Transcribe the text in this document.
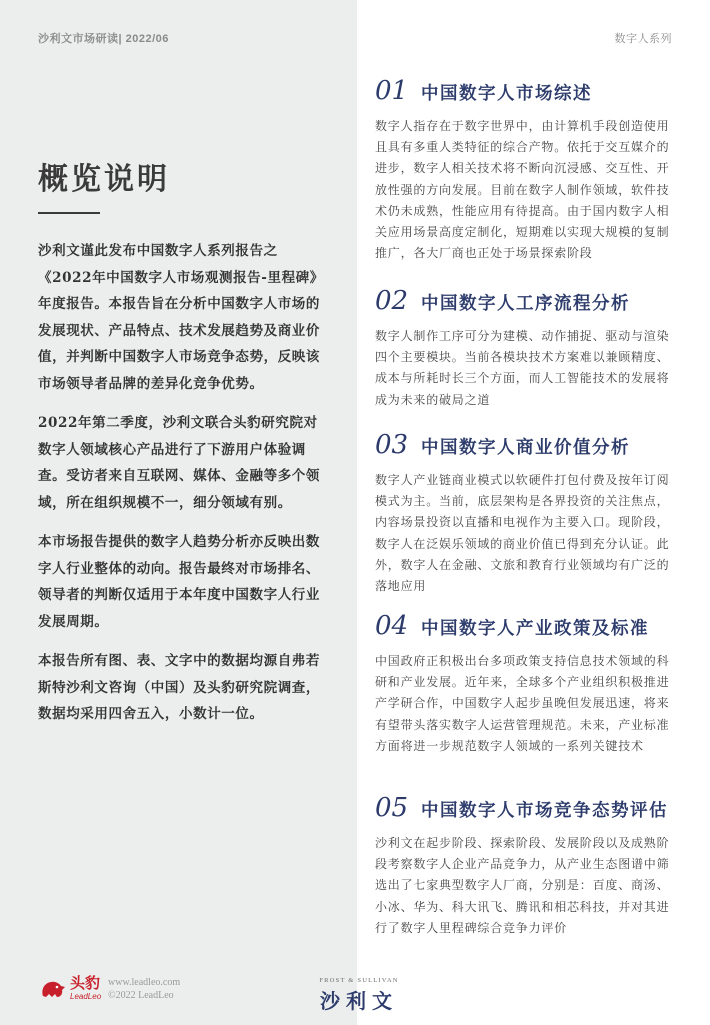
沙利文市场研读| 2022/06	数字人系列
概览说明

沙利文谨此发布中国数字人系列报告之《2022年中国数字人市场观测报告-里程碑》年度报告。本报告旨在分析中国数字人市场的发展现状、产品特点、技术发展趋势及商业价值，并判断中国数字人市场竞争态势，反映该市场领导者品牌的差异化竞争优势。

2022年第二季度，沙利文联合头豹研究院对数字人领域核心产品进行了下游用户体验调查。受访者来自互联网、媒体、金融等多个领域，所在组织规模不一，细分领域有别。

本市场报告提供的数字人趋势分析亦反映出数字人行业整体的动向。报告最终对市场排名、领导者的判断仅适用于本年度中国数字人行业发展周期。

本报告所有图、表、文字中的数据均源自弗若斯特沙利文咨询（中国）及头豹研究院调查，数据均采用四舍五入，小数计一位。

01 中国数字人市场综述
数字人指存在于数字世界中，由计算机手段创造使用且具有多重人类特征的综合产物。依托于交互媒介的进步，数字人相关技术将不断向沉浸感、交互性、开放性强的方向发展。目前在数字人制作领域，软件技术仍未成熟，性能应用有待提高。由于国内数字人相关应用场景高度定制化，短期难以实现大规模的复制推广，各大厂商也正处于场景探索阶段
02 中国数字人工序流程分析
数字人制作工序可分为建模、动作捕捉、驱动与渲染四个主要模块。当前各模块技术方案难以兼顾精度、成本与所耗时长三个方面，而人工智能技术的发展将成为未来的破局之道
03 中国数字人商业价值分析
数字人产业链商业模式以软硬件打包付费及按年订阅模式为主。当前，底层架构是各界投资的关注焦点，内容场景投资以直播和电视作为主要入口。现阶段，数字人在泛娱乐领域的商业价值已得到充分认证。此外，数字人在金融、文旅和教育行业领域均有广泛的落地应用
04 中国数字人产业政策及标准
中国政府正积极出台多项政策支持信息技术领域的科研和产业发展。近年来，全球多个产业组织积极推进产学研合作，中国数字人起步虽晚但发展迅速，将来有望带头落实数字人运营管理规范。未来，产业标准方面将进一步规范数字人领域的一系列关键技术
05 中国数字人市场竞争态势评估
沙利文在起步阶段、探索阶段、发展阶段以及成熟阶段考察数字人企业产品竞争力，从产业生态图谱中筛选出了七家典型数字人厂商，分别是：百度、商汤、小冰、华为、科大讯飞、腾讯和相芯科技，并对其进行了数字人里程碑综合竞争力评价
头豹
LeadLeo
www.leadleo.com
©2022 LeadLeo
FROST & SULLIVAN
沙利文
